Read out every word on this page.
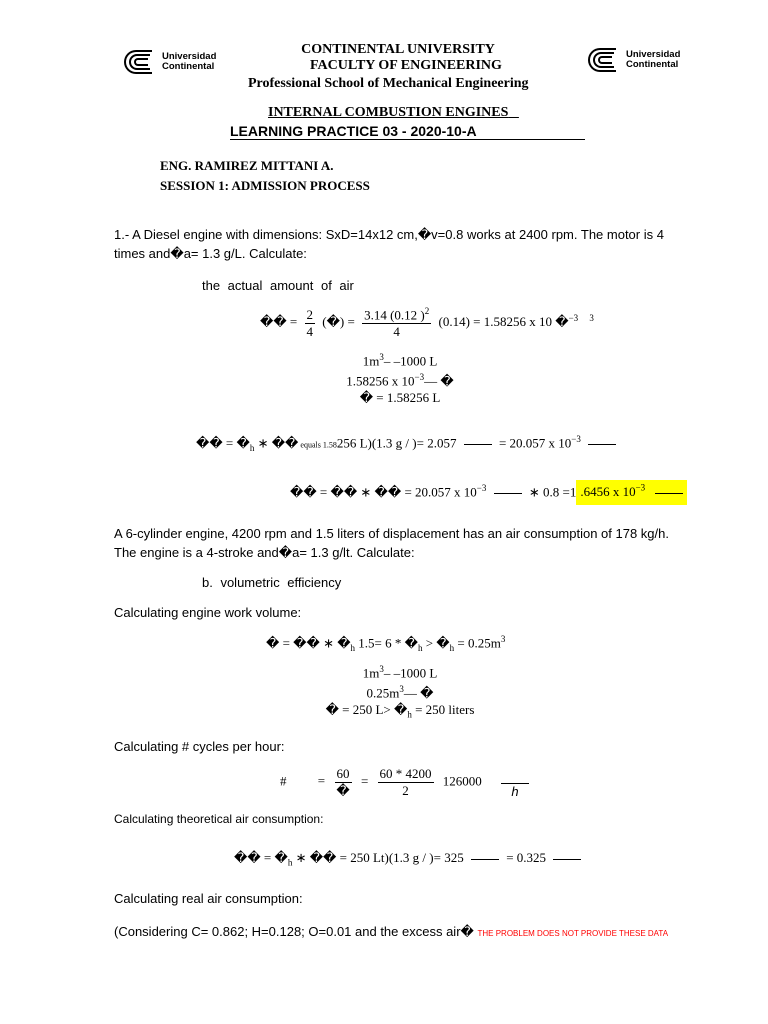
Universidad
Continental
Universidad
Continental
CONTINENTAL UNIVERSITY
FACULTY OF ENGINEERING
Professional School of Mechanical Engineering
INTERNAL COMBUSTION ENGINES
LEARNING PRACTICE 03 - 2020-10-A
ENG. RAMIREZ MITTANI A.
SESSION 1: ADMISSION PROCESS
1.- A Diesel engine with dimensions: SxD=14x12 cm,�v=0.8 works at 2400 rpm. The motor is 4
times and�a= 1.3 g/L. Calculate:
the actual amount of air
�� = $\frac{2}{4}$ (�) = $\frac{3.14 (0.12 )^2}{4} (0.14) = 1.58256$ x 10 �$^{-3}$ $^3$
$1m^3-$ –1000 L
1.58256 x $10^{-3}—$ �
� = 1.58256 L
�� = $�_h$ ∗ �� equals 1.58256 L)(1.3 g / )= 2.057	= 20.057 x $10^{-3}$
�� = �� ∗ �� = 20.057 x $10^{-3}$	∗ 0.8 =1 .6456 x $10^{-3}$
A 6-cylinder engine, 4200 rpm and 1.5 liters of displacement has an air consumption of 178 kg/h.
The engine is a 4-stroke and�a= 1.3 g/lt. Calculate:
b. volumetric efficiency
Calculating engine work volume:
� = �� ∗ $�_h$ $1.5= 6 * �_h$ > $�_h = 0.25m^3$
$1m^3-$ –1000 L
$0.25m^3—$ �
� = 250 $L> �_h = 250$ liters
Calculating # cycles per hour:
# = $\frac{60}{�} = \frac{60 * 4200}{2} 126000$

h
Calculating theoretical air consumption:
�� = $�_h$ ∗ �� = 250 Lt)(1.3 g / )= 325	= 0.325
Calculating real air consumption:
(Considering C= 0.862; H=0.128; O=0.01 and the excess air� THE PROBLEM DOES NOT PROVIDE THESE DATA
